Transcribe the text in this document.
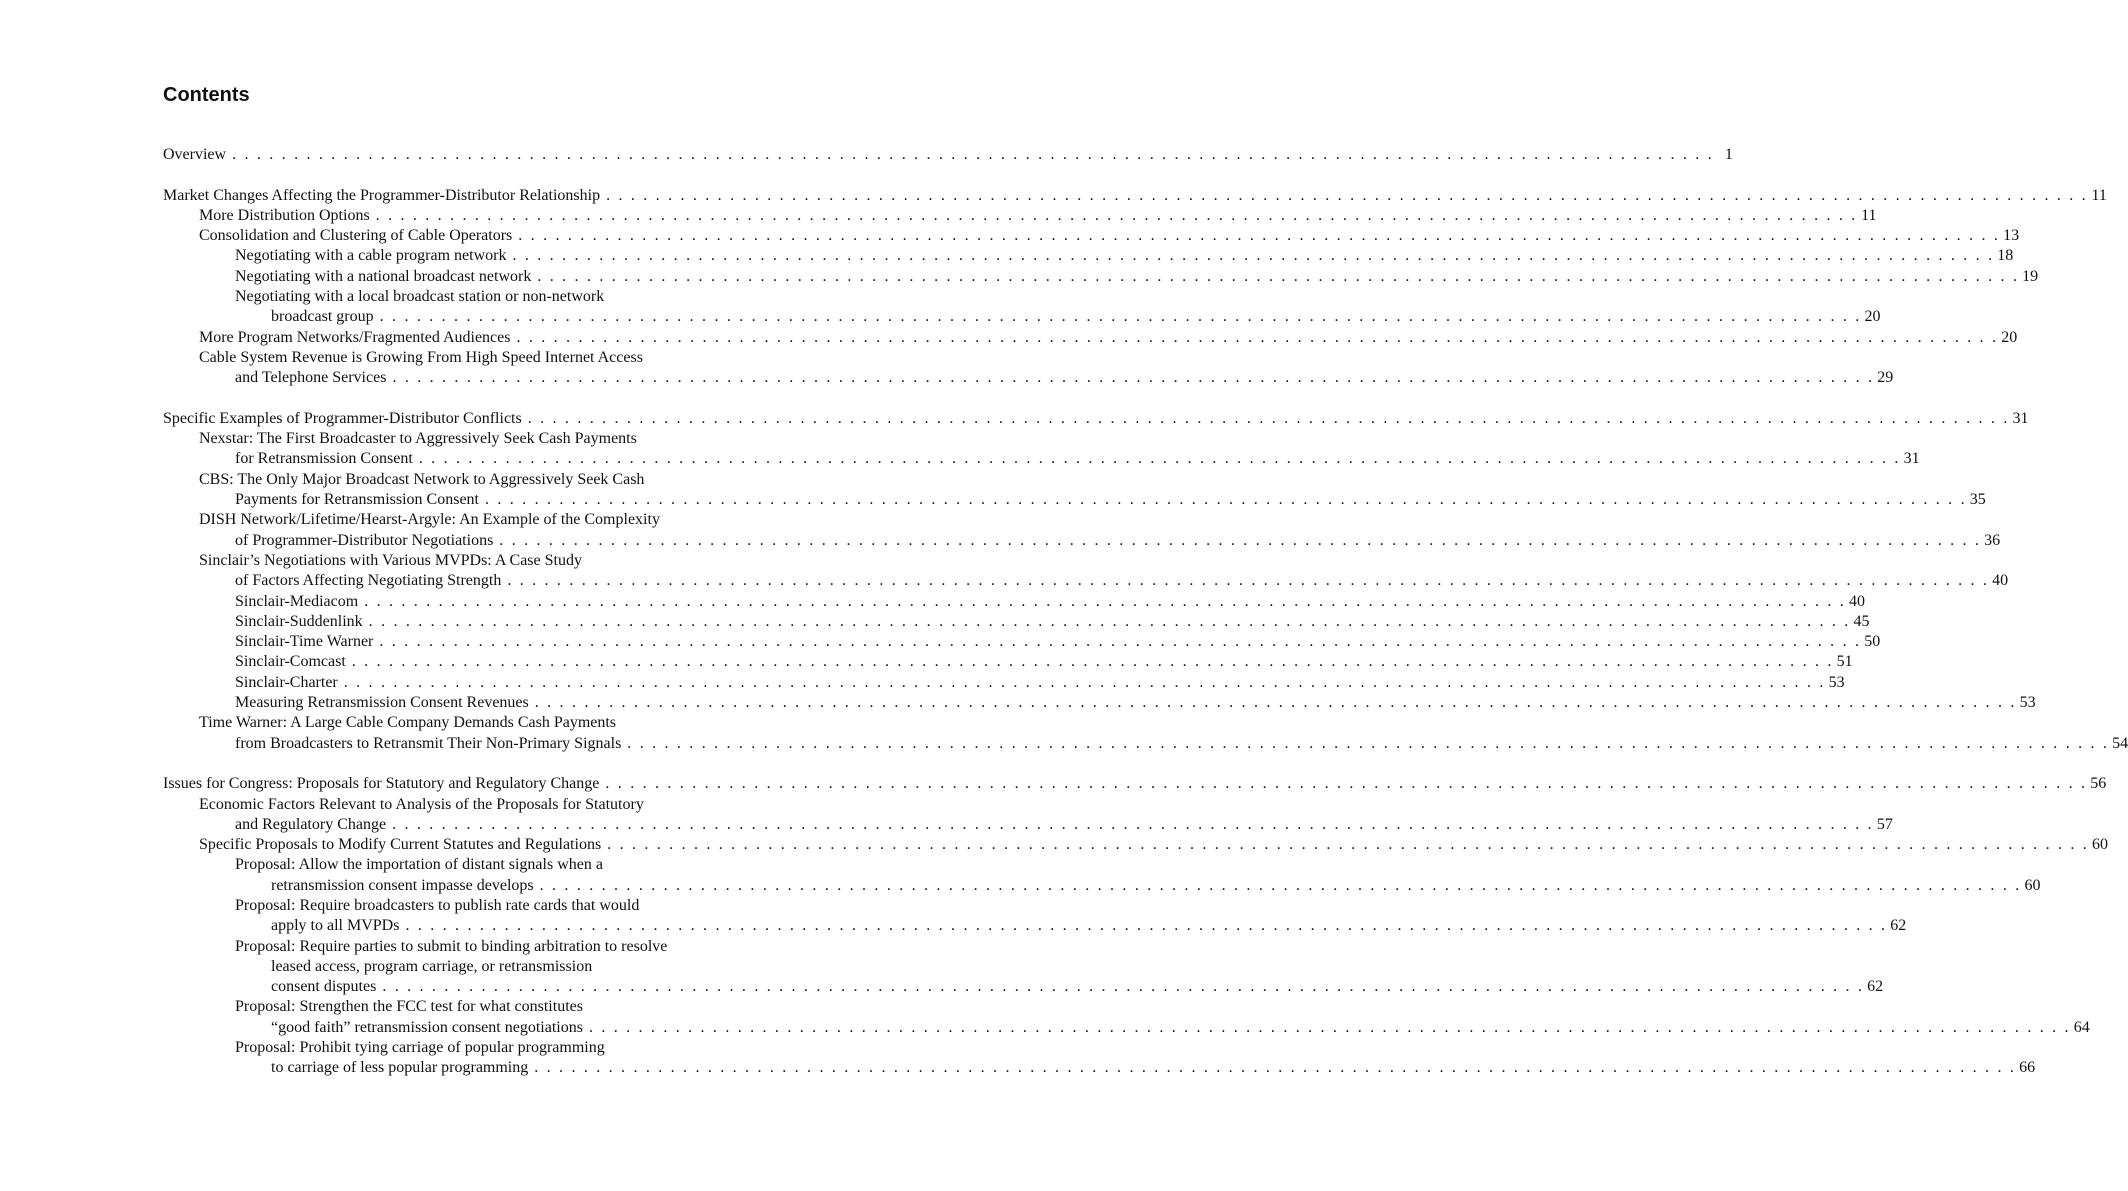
Contents
Overview . . . . . . . . . . . . . . . . . . . . . . . . . . . . . . . . . . . . . . . . . . . . . . . . . . . . . . . . . . . . . . . . . . . . . . . . . . . . . . . . . . . . . . . . . . . . . . . . . . . . . . . . . . . . . . . . . . . . . . . . 1
Market Changes Affecting the Programmer-Distributor Relationship . . . . . . . . . . . . . . . . . . . . . . . . . . . . . . . . . . . . . . . . . . . . . . . . . . . . . . . . . . . . . . . . . . . . . . . . . . . . . . . . . . . . . . . . . . . . . . . . . . . . . . . . . . . . . . . . . . . . . . . . 11
More Distribution Options . . . . . . . . . . . . . . . . . . . . . . . . . . . . . . . . . . . . . . . . . . . . . . . . . . . . . . . . . . . . . . . . . . . . . . . . . . . . . . . . . . . . . . . . . . . . . . . . . . . . . . . . . . . . . . . . . . . . . . . . 11
Consolidation and Clustering of Cable Operators . . . . . . . . . . . . . . . . . . . . . . . . . . . . . . . . . . . . . . . . . . . . . . . . . . . . . . . . . . . . . . . . . . . . . . . . . . . . . . . . . . . . . . . . . . . . . . . . . . . . . . . . . . . . . . . . . . . . . . . . 13
Negotiating with a cable program network . . . . . . . . . . . . . . . . . . . . . . . . . . . . . . . . . . . . . . . . . . . . . . . . . . . . . . . . . . . . . . . . . . . . . . . . . . . . . . . . . . . . . . . . . . . . . . . . . . . . . . . . . . . . . . . . . . . . . . . . 18
Negotiating with a national broadcast network . . . . . . . . . . . . . . . . . . . . . . . . . . . . . . . . . . . . . . . . . . . . . . . . . . . . . . . . . . . . . . . . . . . . . . . . . . . . . . . . . . . . . . . . . . . . . . . . . . . . . . . . . . . . . . . . . . . . . . . . 19
Negotiating with a local broadcast station or non-network
broadcast group . . . . . . . . . . . . . . . . . . . . . . . . . . . . . . . . . . . . . . . . . . . . . . . . . . . . . . . . . . . . . . . . . . . . . . . . . . . . . . . . . . . . . . . . . . . . . . . . . . . . . . . . . . . . . . . . . . . . . . . . 20
More Program Networks/Fragmented Audiences . . . . . . . . . . . . . . . . . . . . . . . . . . . . . . . . . . . . . . . . . . . . . . . . . . . . . . . . . . . . . . . . . . . . . . . . . . . . . . . . . . . . . . . . . . . . . . . . . . . . . . . . . . . . . . . . . . . . . . . . 20
Cable System Revenue is Growing From High Speed Internet Access
and Telephone Services . . . . . . . . . . . . . . . . . . . . . . . . . . . . . . . . . . . . . . . . . . . . . . . . . . . . . . . . . . . . . . . . . . . . . . . . . . . . . . . . . . . . . . . . . . . . . . . . . . . . . . . . . . . . . . . . . . . . . . . . 29
Specific Examples of Programmer-Distributor Conflicts . . . . . . . . . . . . . . . . . . . . . . . . . . . . . . . . . . . . . . . . . . . . . . . . . . . . . . . . . . . . . . . . . . . . . . . . . . . . . . . . . . . . . . . . . . . . . . . . . . . . . . . . . . . . . . . . . . . . . . . . 31
Nexstar: The First Broadcaster to Aggressively Seek Cash Payments
for Retransmission Consent . . . . . . . . . . . . . . . . . . . . . . . . . . . . . . . . . . . . . . . . . . . . . . . . . . . . . . . . . . . . . . . . . . . . . . . . . . . . . . . . . . . . . . . . . . . . . . . . . . . . . . . . . . . . . . . . . . . . . . . . 31
CBS: The Only Major Broadcast Network to Aggressively Seek Cash
Payments for Retransmission Consent . . . . . . . . . . . . . . . . . . . . . . . . . . . . . . . . . . . . . . . . . . . . . . . . . . . . . . . . . . . . . . . . . . . . . . . . . . . . . . . . . . . . . . . . . . . . . . . . . . . . . . . . . . . . . . . . . . . . . . . . 35
DISH Network/Lifetime/Hearst-Argyle: An Example of the Complexity
of Programmer-Distributor Negotiations . . . . . . . . . . . . . . . . . . . . . . . . . . . . . . . . . . . . . . . . . . . . . . . . . . . . . . . . . . . . . . . . . . . . . . . . . . . . . . . . . . . . . . . . . . . . . . . . . . . . . . . . . . . . . . . . . . . . . . . . 36
Sinclair’s Negotiations with Various MVPDs: A Case Study
of Factors Affecting Negotiating Strength . . . . . . . . . . . . . . . . . . . . . . . . . . . . . . . . . . . . . . . . . . . . . . . . . . . . . . . . . . . . . . . . . . . . . . . . . . . . . . . . . . . . . . . . . . . . . . . . . . . . . . . . . . . . . . . . . . . . . . . . 40
Sinclair-Mediacom . . . . . . . . . . . . . . . . . . . . . . . . . . . . . . . . . . . . . . . . . . . . . . . . . . . . . . . . . . . . . . . . . . . . . . . . . . . . . . . . . . . . . . . . . . . . . . . . . . . . . . . . . . . . . . . . . . . . . . . . 40
Sinclair-Suddenlink . . . . . . . . . . . . . . . . . . . . . . . . . . . . . . . . . . . . . . . . . . . . . . . . . . . . . . . . . . . . . . . . . . . . . . . . . . . . . . . . . . . . . . . . . . . . . . . . . . . . . . . . . . . . . . . . . . . . . . . . 45
Sinclair-Time Warner . . . . . . . . . . . . . . . . . . . . . . . . . . . . . . . . . . . . . . . . . . . . . . . . . . . . . . . . . . . . . . . . . . . . . . . . . . . . . . . . . . . . . . . . . . . . . . . . . . . . . . . . . . . . . . . . . . . . . . . . 50
Sinclair-Comcast . . . . . . . . . . . . . . . . . . . . . . . . . . . . . . . . . . . . . . . . . . . . . . . . . . . . . . . . . . . . . . . . . . . . . . . . . . . . . . . . . . . . . . . . . . . . . . . . . . . . . . . . . . . . . . . . . . . . . . . . 51
Sinclair-Charter . . . . . . . . . . . . . . . . . . . . . . . . . . . . . . . . . . . . . . . . . . . . . . . . . . . . . . . . . . . . . . . . . . . . . . . . . . . . . . . . . . . . . . . . . . . . . . . . . . . . . . . . . . . . . . . . . . . . . . . . 53
Measuring Retransmission Consent Revenues . . . . . . . . . . . . . . . . . . . . . . . . . . . . . . . . . . . . . . . . . . . . . . . . . . . . . . . . . . . . . . . . . . . . . . . . . . . . . . . . . . . . . . . . . . . . . . . . . . . . . . . . . . . . . . . . . . . . . . . . 53
Time Warner: A Large Cable Company Demands Cash Payments
from Broadcasters to Retransmit Their Non-Primary Signals . . . . . . . . . . . . . . . . . . . . . . . . . . . . . . . . . . . . . . . . . . . . . . . . . . . . . . . . . . . . . . . . . . . . . . . . . . . . . . . . . . . . . . . . . . . . . . . . . . . . . . . . . . . . . . . . . . . . . . . . 54
Issues for Congress: Proposals for Statutory and Regulatory Change . . . . . . . . . . . . . . . . . . . . . . . . . . . . . . . . . . . . . . . . . . . . . . . . . . . . . . . . . . . . . . . . . . . . . . . . . . . . . . . . . . . . . . . . . . . . . . . . . . . . . . . . . . . . . . . . . . . . . . . . 56
Economic Factors Relevant to Analysis of the Proposals for Statutory
and Regulatory Change . . . . . . . . . . . . . . . . . . . . . . . . . . . . . . . . . . . . . . . . . . . . . . . . . . . . . . . . . . . . . . . . . . . . . . . . . . . . . . . . . . . . . . . . . . . . . . . . . . . . . . . . . . . . . . . . . . . . . . . . 57
Specific Proposals to Modify Current Statutes and Regulations . . . . . . . . . . . . . . . . . . . . . . . . . . . . . . . . . . . . . . . . . . . . . . . . . . . . . . . . . . . . . . . . . . . . . . . . . . . . . . . . . . . . . . . . . . . . . . . . . . . . . . . . . . . . . . . . . . . . . . . . 60
Proposal: Allow the importation of distant signals when a
retransmission consent impasse develops . . . . . . . . . . . . . . . . . . . . . . . . . . . . . . . . . . . . . . . . . . . . . . . . . . . . . . . . . . . . . . . . . . . . . . . . . . . . . . . . . . . . . . . . . . . . . . . . . . . . . . . . . . . . . . . . . . . . . . . . 60
Proposal: Require broadcasters to publish rate cards that would
apply to all MVPDs . . . . . . . . . . . . . . . . . . . . . . . . . . . . . . . . . . . . . . . . . . . . . . . . . . . . . . . . . . . . . . . . . . . . . . . . . . . . . . . . . . . . . . . . . . . . . . . . . . . . . . . . . . . . . . . . . . . . . . . . 62
Proposal: Require parties to submit to binding arbitration to resolve
leased access, program carriage, or retransmission
consent disputes . . . . . . . . . . . . . . . . . . . . . . . . . . . . . . . . . . . . . . . . . . . . . . . . . . . . . . . . . . . . . . . . . . . . . . . . . . . . . . . . . . . . . . . . . . . . . . . . . . . . . . . . . . . . . . . . . . . . . . . . 62
Proposal: Strengthen the FCC test for what constitutes
“good faith” retransmission consent negotiations . . . . . . . . . . . . . . . . . . . . . . . . . . . . . . . . . . . . . . . . . . . . . . . . . . . . . . . . . . . . . . . . . . . . . . . . . . . . . . . . . . . . . . . . . . . . . . . . . . . . . . . . . . . . . . . . . . . . . . . . 64
Proposal: Prohibit tying carriage of popular programming
to carriage of less popular programming . . . . . . . . . . . . . . . . . . . . . . . . . . . . . . . . . . . . . . . . . . . . . . . . . . . . . . . . . . . . . . . . . . . . . . . . . . . . . . . . . . . . . . . . . . . . . . . . . . . . . . . . . . . . . . . . . . . . . . . . 66
